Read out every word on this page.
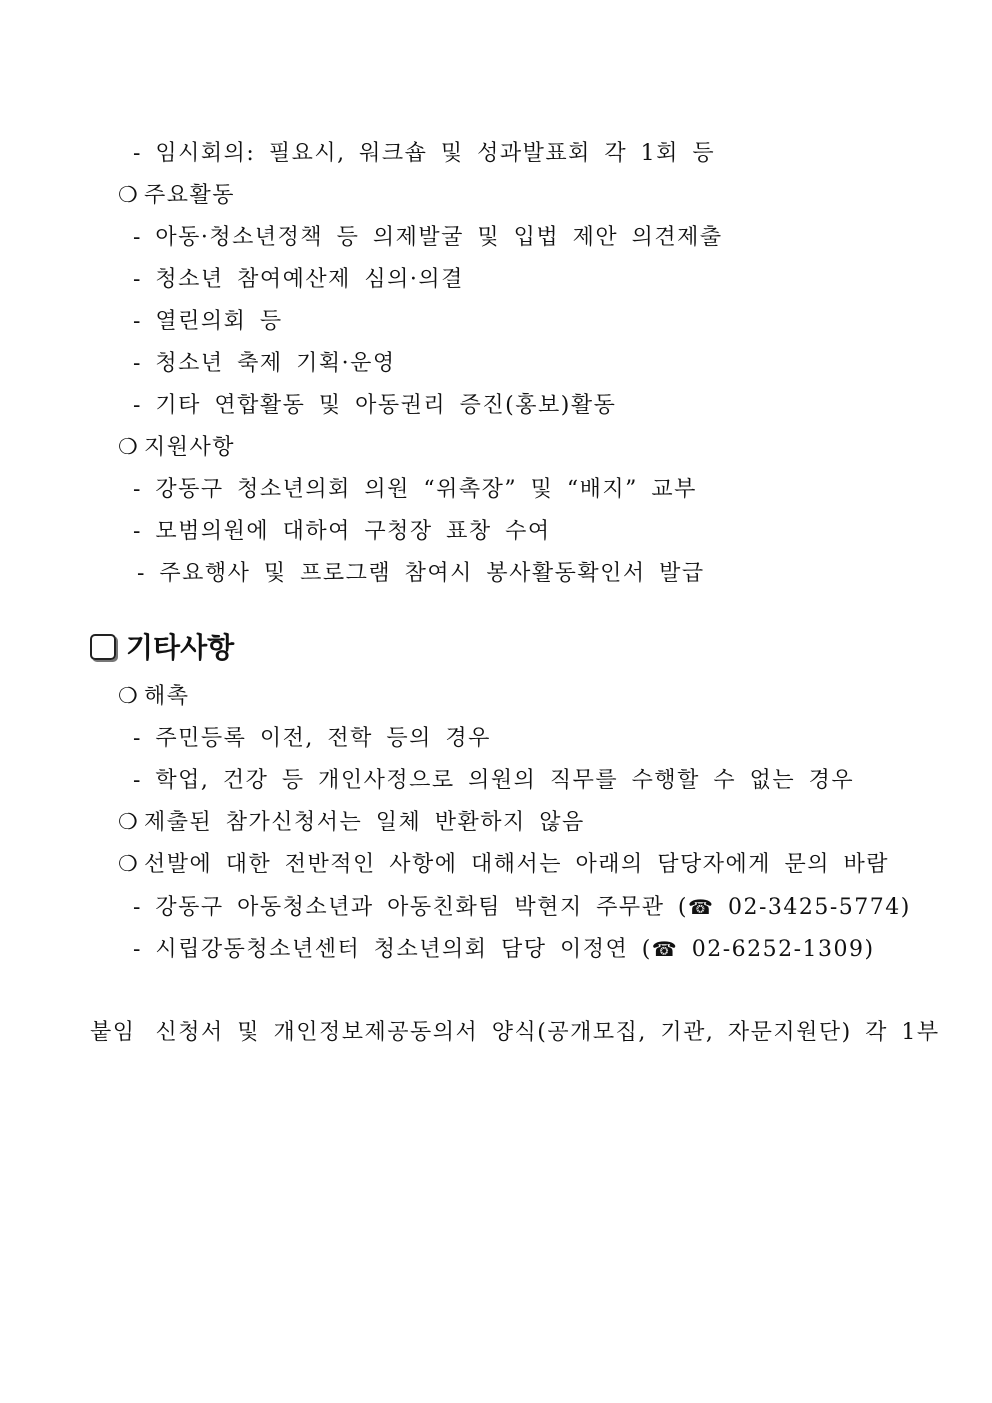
- 임시회의: 필요시, 워크숍 및 성과발표회 각 1회 등
❍ 주요활동
- 아동·청소년정책 등 의제발굴 및 입법 제안 의견제출
- 청소년 참여예산제 심의·의결
- 열린의회 등
- 청소년 축제 기획·운영
- 기타 연합활동 및 아동권리 증진(홍보)활동
❍ 지원사항
- 강동구 청소년의회 의원 “위촉장” 및 “배지” 교부
- 모범의원에 대하여 구청장 표창 수여
- 주요행사 및 프로그램 참여시 봉사활동확인서 발급
기타사항
❍ 해촉
- 주민등록 이전, 전학 등의 경우
- 학업, 건강 등 개인사정으로 의원의 직무를 수행할 수 없는 경우
❍ 제출된 참가신청서는 일체 반환하지 않음
❍ 선발에 대한 전반적인 사항에 대해서는 아래의 담당자에게 문의 바람
- 강동구 아동청소년과 아동친화팀 박현지 주무관 (☎ 02-3425-5774)
- 시립강동청소년센터 청소년의회 담당 이정연 (☎ 02-6252-1309)
붙임 신청서 및 개인정보제공동의서 양식(공개모집, 기관, 자문지원단) 각 1부
